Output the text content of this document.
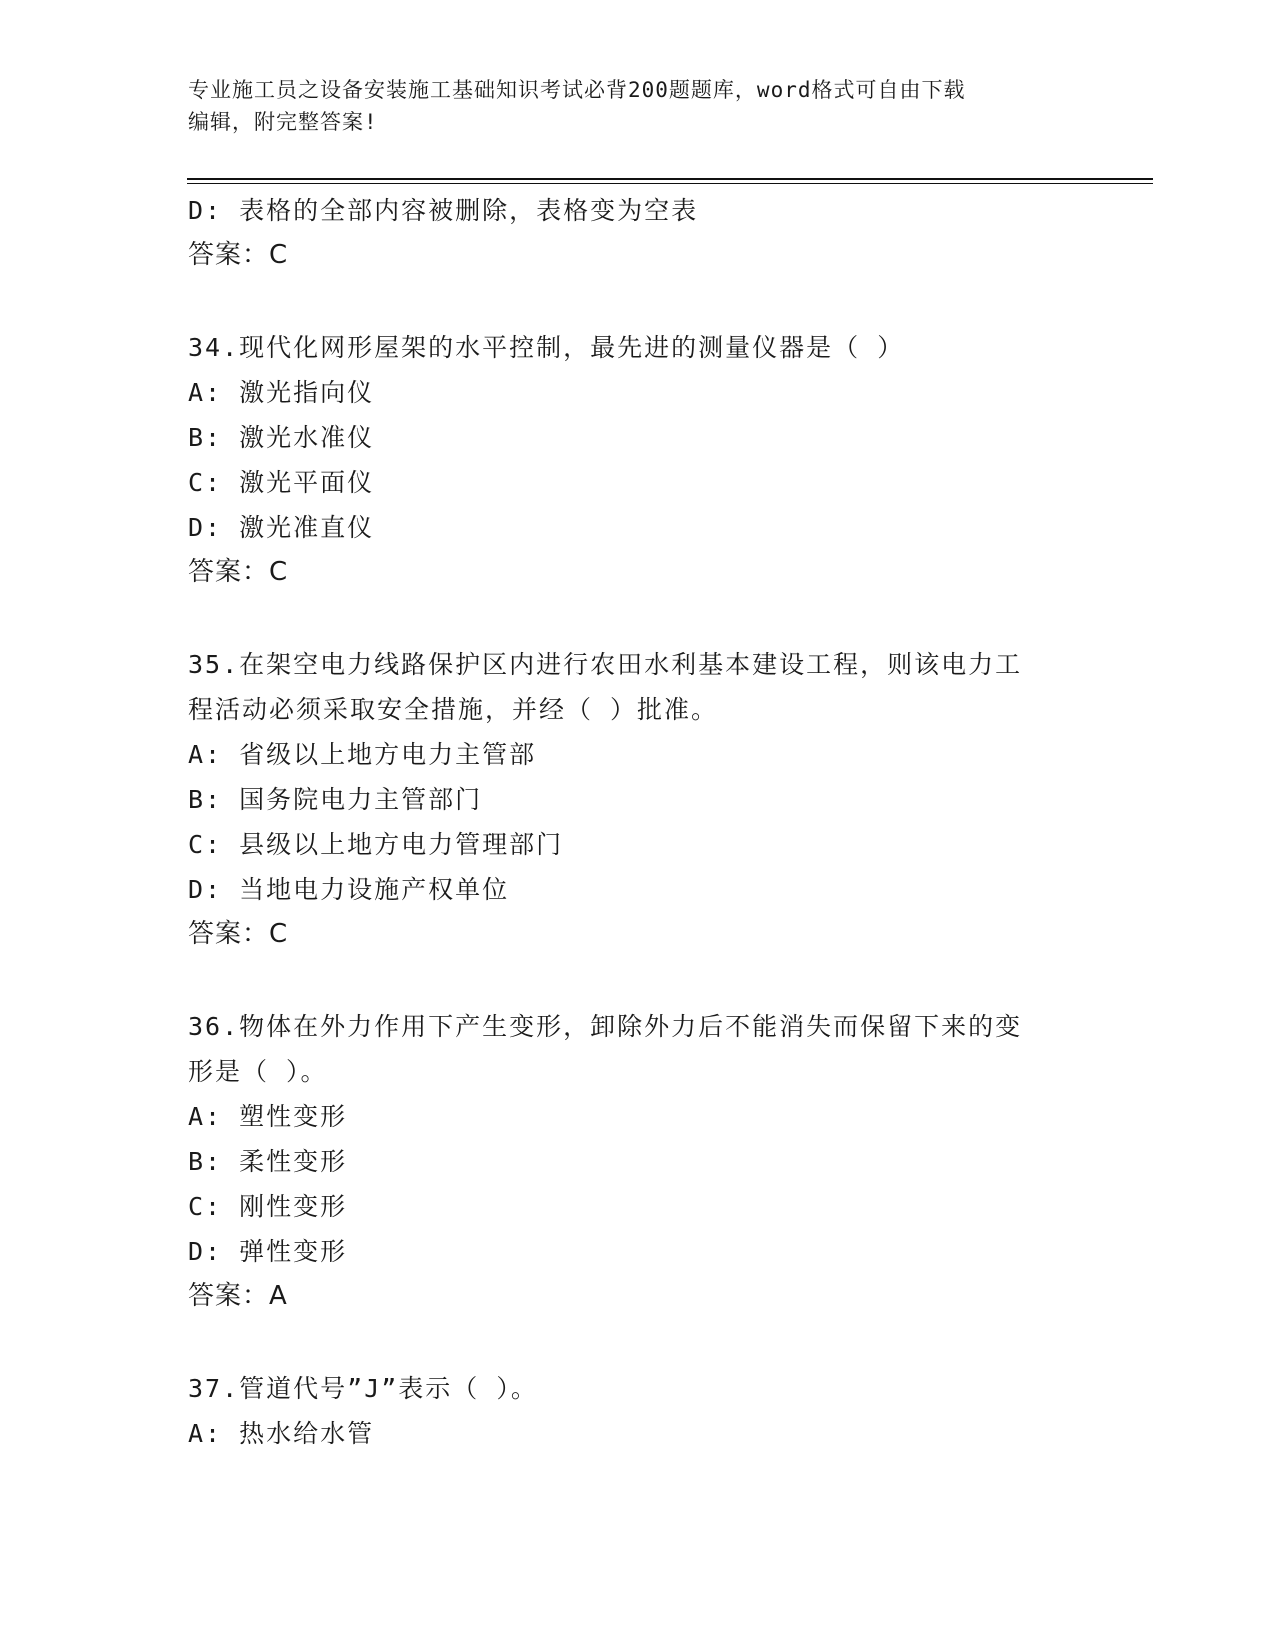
专业施工员之设备安装施工基础知识考试必背200题题库，word格式可自由下载
编辑，附完整答案!
D: 表格的全部内容被删除，表格变为空表
答案：C
34.现代化网形屋架的水平控制，最先进的测量仪器是（ ）
A: 激光指向仪
B: 激光水准仪
C: 激光平面仪
D: 激光准直仪
答案：C
35.在架空电力线路保护区内进行农田水利基本建设工程，则该电力工
程活动必须采取安全措施，并经（ ）批准。
A: 省级以上地方电力主管部
B: 国务院电力主管部门
C: 县级以上地方电力管理部门
D: 当地电力设施产权单位
答案：C
36.物体在外力作用下产生变形，卸除外力后不能消失而保留下来的变
形是（ ）。
A: 塑性变形
B: 柔性变形
C: 刚性变形
D: 弹性变形
答案：A
37.管道代号”J”表示（ ）。
A: 热水给水管
